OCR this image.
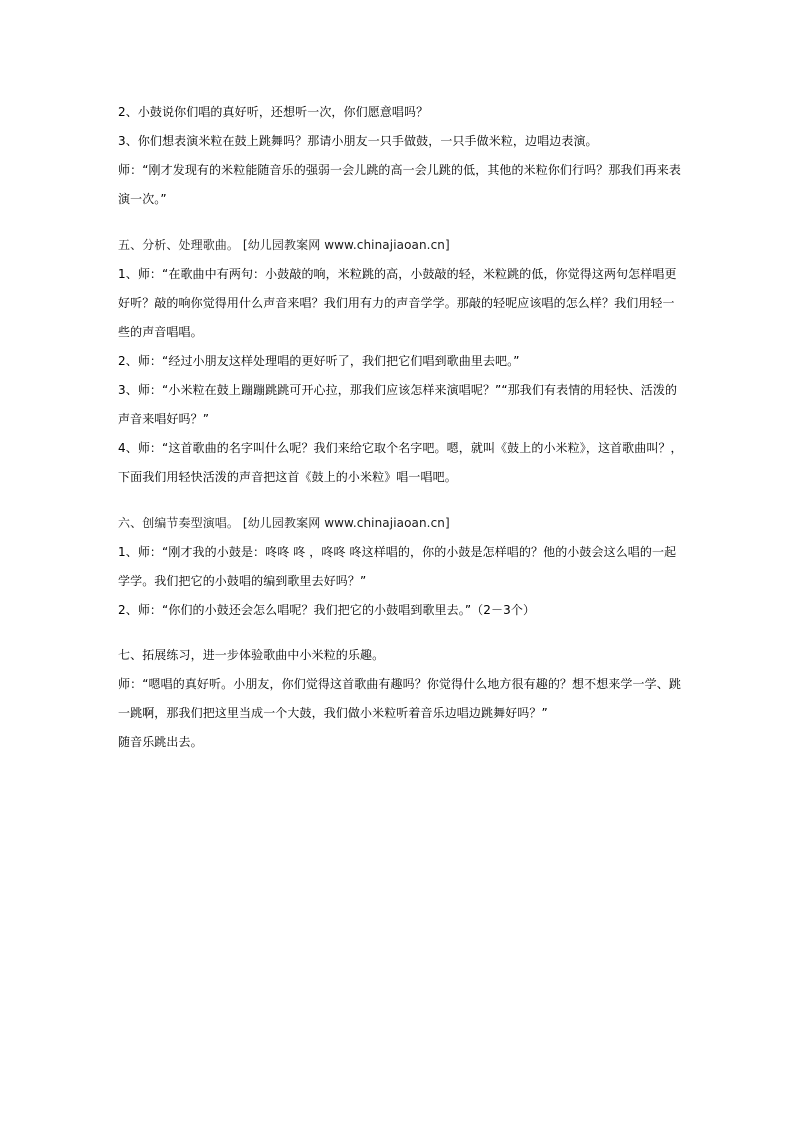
2、小鼓说你们唱的真好听，还想听一次，你们愿意唱吗？
3、你们想表演米粒在鼓上跳舞吗？那请小朋友一只手做鼓，一只手做米粒，边唱边表演。
师：“刚才发现有的米粒能随音乐的强弱一会儿跳的高一会儿跳的低，其他的米粒你们行吗？那我们再来表
演一次。”
五、分析、处理歌曲。 [幼儿园教案网 www.chinajiaoan.cn]
1、师：“在歌曲中有两句：小鼓敲的响，米粒跳的高，小鼓敲的轻，米粒跳的低，你觉得这两句怎样唱更
好听？敲的响你觉得用什么声音来唱？我们用有力的声音学学。那敲的轻呢应该唱的怎么样？我们用轻一
些的声音唱唱。
2、师：“经过小朋友这样处理唱的更好听了，我们把它们唱到歌曲里去吧。”
3、师：“小米粒在鼓上蹦蹦跳跳可开心拉，那我们应该怎样来演唱呢？”“那我们有表情的用轻快、活泼的
声音来唱好吗？”
4、师：“这首歌曲的名字叫什么呢？我们来给它取个名字吧。嗯，就叫《鼓上的小米粒》，这首歌曲叫？，
下面我们用轻快活泼的声音把这首《鼓上的小米粒》唱一唱吧。
六、创编节奏型演唱。 [幼儿园教案网 www.chinajiaoan.cn]
1、师：“刚才我的小鼓是：咚咚 咚 ，咚咚 咚这样唱的，你的小鼓是怎样唱的？他的小鼓会这么唱的一起
学学。我们把它的小鼓唱的编到歌里去好吗？”
2、师：“你们的小鼓还会怎么唱呢？我们把它的小鼓唱到歌里去。”（2－3个）
七、拓展练习，进一步体验歌曲中小米粒的乐趣。
师：“嗯唱的真好听。小朋友，你们觉得这首歌曲有趣吗？你觉得什么地方很有趣的？想不想来学一学、跳
一跳啊，那我们把这里当成一个大鼓，我们做小米粒听着音乐边唱边跳舞好吗？”
随音乐跳出去。
